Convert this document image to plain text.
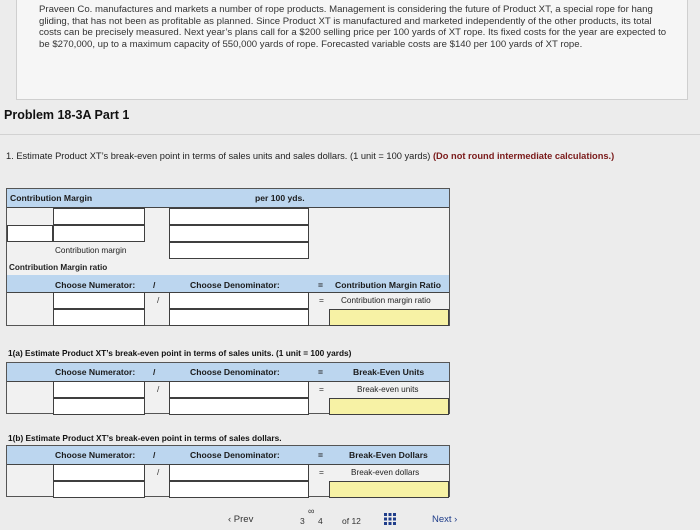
Praveen Co. manufactures and markets a number of rope products. Management is considering the future of Product XT, a special rope for hang gliding, that has not been as profitable as planned. Since Product XT is manufactured and marketed independently of the other products, its total costs can be precisely measured. Next year’s plans call for a $200 selling price per 100 yards of XT rope. Its fixed costs for the year are expected to be $270,000, up to a maximum capacity of 550,000 yards of rope. Forecasted variable costs are $140 per 100 yards of XT rope.
Problem 18-3A Part 1
1. Estimate Product XT’s break-even point in terms of sales units and sales dollars. (1 unit = 100 yards) (Do not round intermediate calculations.)
Contribution Margin	per 100 yds.
Contribution margin
Contribution Margin ratio
Choose Numerator: /	Choose Denominator:	= Contribution Margin Ratio
/	= Contribution margin ratio
1(a) Estimate Product XT’s break-even point in terms of sales units. (1 unit = 100 yards)
Choose Numerator: /	Choose Denominator:	=	Break-Even Units
/	=	Break-even units
1(b) Estimate Product XT’s break-even point in terms of sales dollars.
Choose Numerator: /	Choose Denominator:	=	Break-Even Dollars
/	=	Break-even dollars
‹ Prev
∞
3 4 of 12	Next ›
